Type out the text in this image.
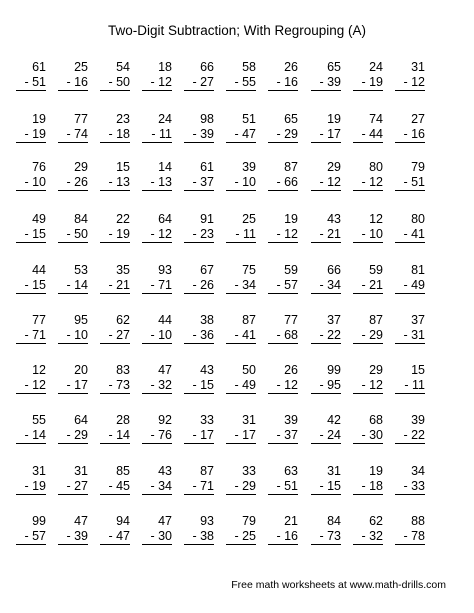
Two-Digit Subtraction; With Regrouping (A)
61
- 51
25
- 16
54
- 50
18
- 12
66
- 27
58
- 55
26
- 16
65
- 39
24
- 19
31
- 12
19
- 19
77
- 74
23
- 18
24
- 11
98
- 39
51
- 47
65
- 29
19
- 17
74
- 44
27
- 16
76
- 10
29
- 26
15
- 13
14
- 13
61
- 37
39
- 10
87
- 66
29
- 12
80
- 12
79
- 51
49
- 15
84
- 50
22
- 19
64
- 12
91
- 23
25
- 11
19
- 12
43
- 21
12
- 10
80
- 41
44
- 15
53
- 14
35
- 21
93
- 71
67
- 26
75
- 34
59
- 57
66
- 34
59
- 21
81
- 49
77
- 71
95
- 10
62
- 27
44
- 10
38
- 36
87
- 41
77
- 68
37
- 22
87
- 29
37
- 31
12
- 12
20
- 17
83
- 73
47
- 32
43
- 15
50
- 49
26
- 12
99
- 95
29
- 12
15
- 11
55
- 14
64
- 29
28
- 14
92
- 76
33
- 17
31
- 17
39
- 37
42
- 24
68
- 30
39
- 22
31
- 19
31
- 27
85
- 45
43
- 34
87
- 71
33
- 29
63
- 51
31
- 15
19
- 18
34
- 33
99
- 57
47
- 39
94
- 47
47
- 30
93
- 38
79
- 25
21
- 16
84
- 73
62
- 32
88
- 78
Free math worksheets at www.math-drills.com
